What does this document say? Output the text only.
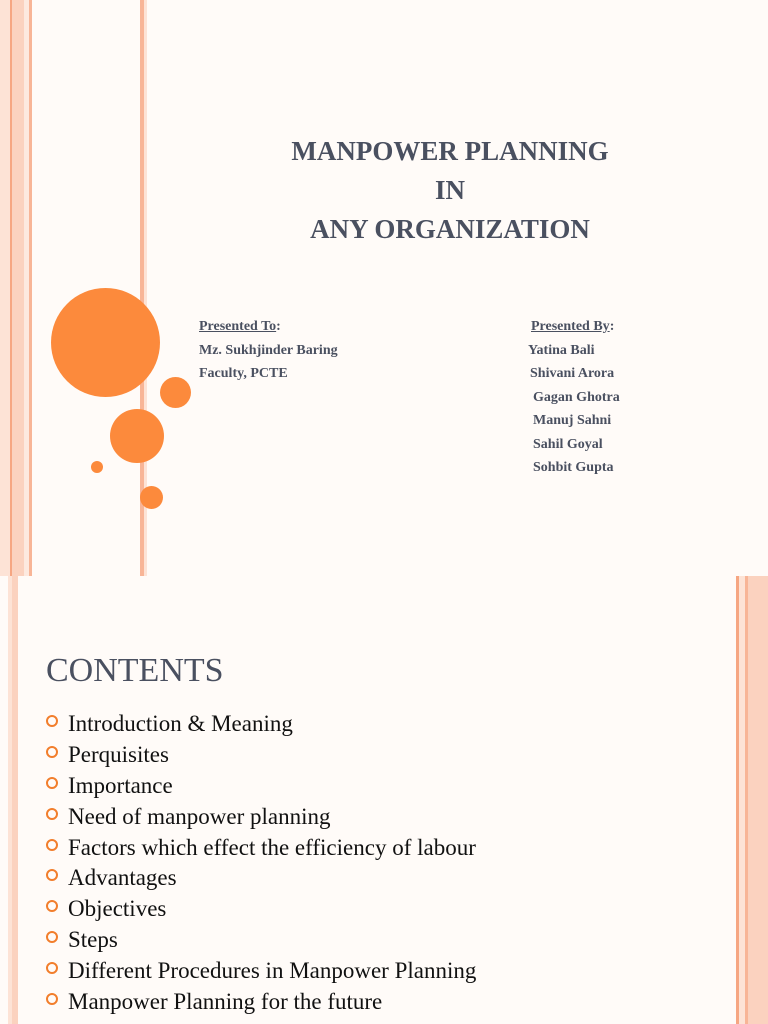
MANPOWER PLANNING
IN
ANY ORGANIZATION
Presented To:
Mz. Sukhjinder Baring
Faculty, PCTE
Presented By:
Yatina Bali
Shivani Arora
Gagan Ghotra
Manuj Sahni
Sahil Goyal
Sohbit Gupta
CONTENTS
Introduction & Meaning
Perquisites
Importance
Need of manpower planning
Factors which effect the efficiency of labour
Advantages
Objectives
Steps
Different Procedures in Manpower Planning
Manpower Planning for the future
